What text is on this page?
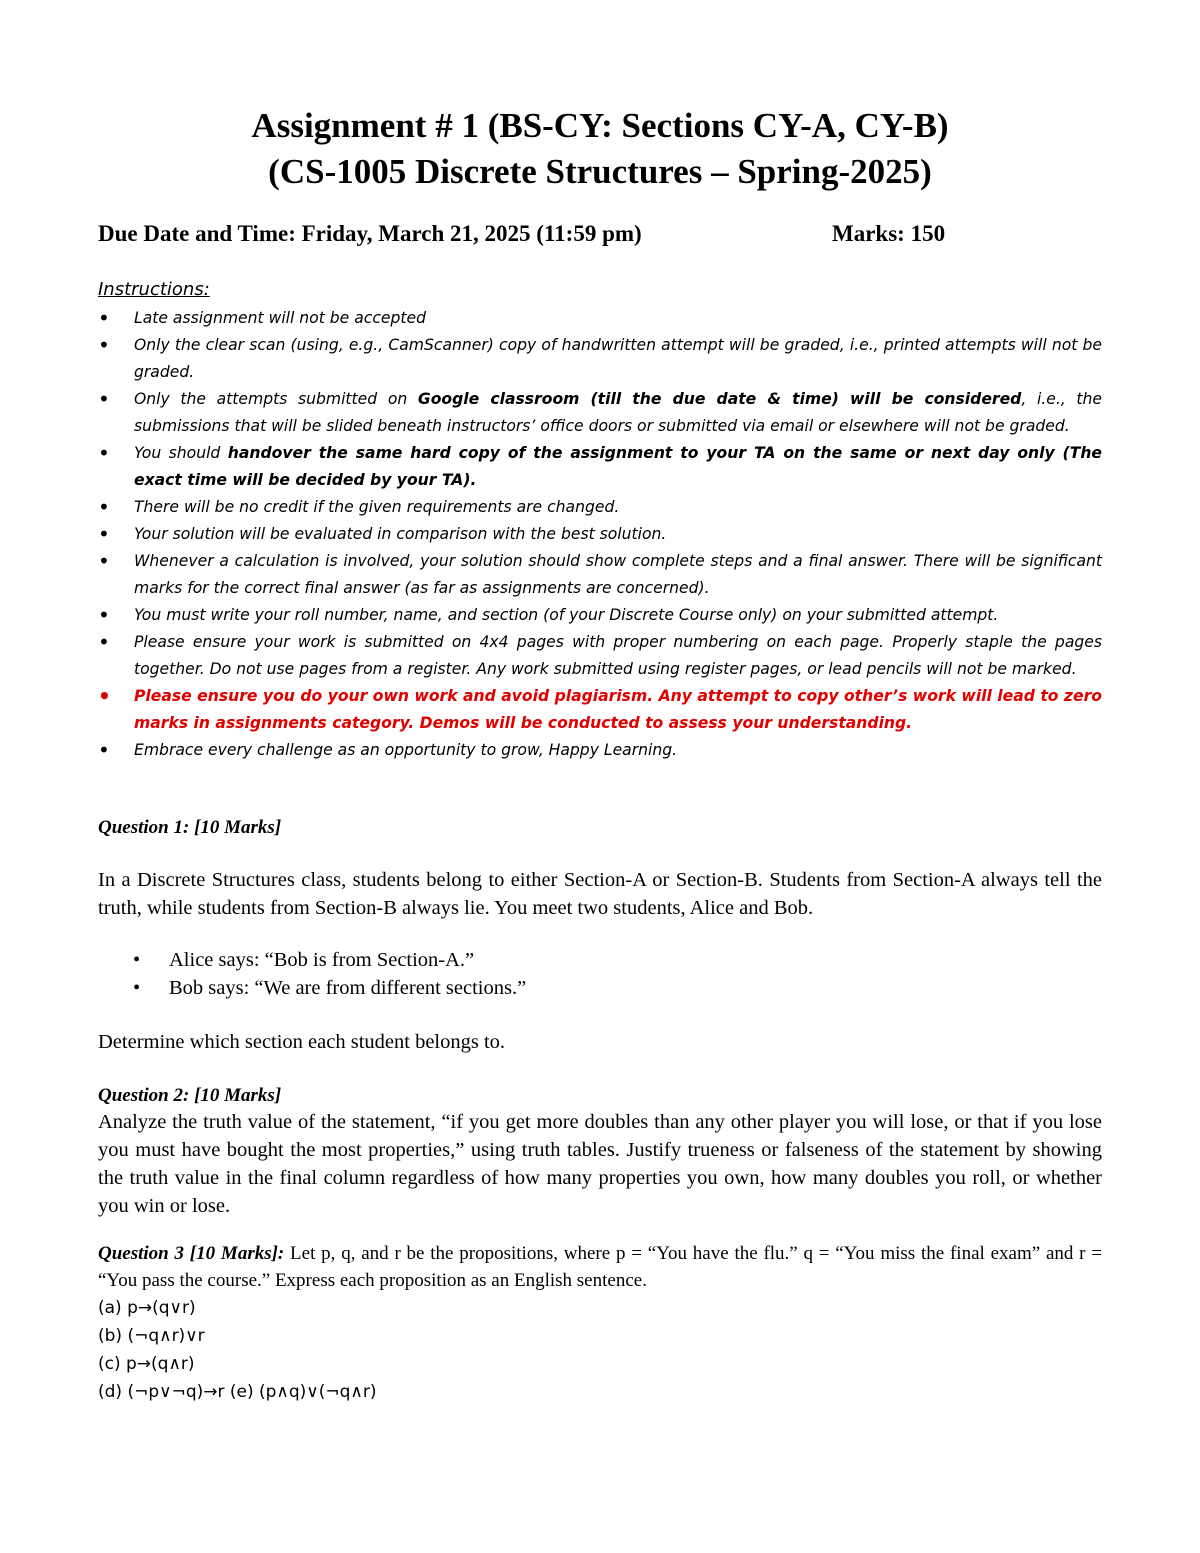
Assignment # 1 (BS-CY: Sections CY-A, CY-B)
(CS-1005 Discrete Structures – Spring-2025)
Due Date and Time: Friday, March 21, 2025 (11:59 pm)	Marks: 150
Instructions:
• Late assignment will not be accepted
• Only the clear scan (using, e.g., CamScanner) copy of handwritten attempt will be graded, i.e., printed attempts will not be graded.
• Only the attempts submitted on Google classroom (till the due date & time) will be considered, i.e., the submissions that will be slided beneath instructors’ office doors or submitted via email or elsewhere will not be graded.
• You should handover the same hard copy of the assignment to your TA on the same or next day only (The exact time will be decided by your TA).
• There will be no credit if the given requirements are changed.
• Your solution will be evaluated in comparison with the best solution.
• Whenever a calculation is involved, your solution should show complete steps and a final answer. There will be significant marks for the correct final answer (as far as assignments are concerned).
• You must write your roll number, name, and section (of your Discrete Course only) on your submitted attempt.
• Please ensure your work is submitted on 4x4 pages with proper numbering on each page. Properly staple the pages together. Do not use pages from a register. Any work submitted using register pages, or lead pencils will not be marked.
• Please ensure you do your own work and avoid plagiarism. Any attempt to copy other’s work will lead to zero marks in assignments category. Demos will be conducted to assess your understanding.
• Embrace every challenge as an opportunity to grow, Happy Learning.
Question 1: [10 Marks]
In a Discrete Structures class, students belong to either Section-A or Section-B. Students from Section-A always tell the truth, while students from Section-B always lie. You meet two students, Alice and Bob.
• Alice says: “Bob is from Section-A.”
• Bob says: “We are from different sections.”
Determine which section each student belongs to.
Question 2: [10 Marks]
Analyze the truth value of the statement, “if you get more doubles than any other player you will lose, or that if you lose you must have bought the most properties,” using truth tables. Justify trueness or falseness of the statement by showing the truth value in the final column regardless of how many properties you own, how many doubles you roll, or whether you win or lose.
Question 3 [10 Marks]: Let p, q, and r be the propositions, where p = “You have the flu.” q = “You miss the final exam” and r = “You pass the course.” Express each proposition as an English sentence.
(a) p→(q∨r)
(b) (¬q∧r)∨r
(c) p→(q∧r)
(d) (¬p∨¬q)→r (e) (p∧q)∨(¬q∧r)
